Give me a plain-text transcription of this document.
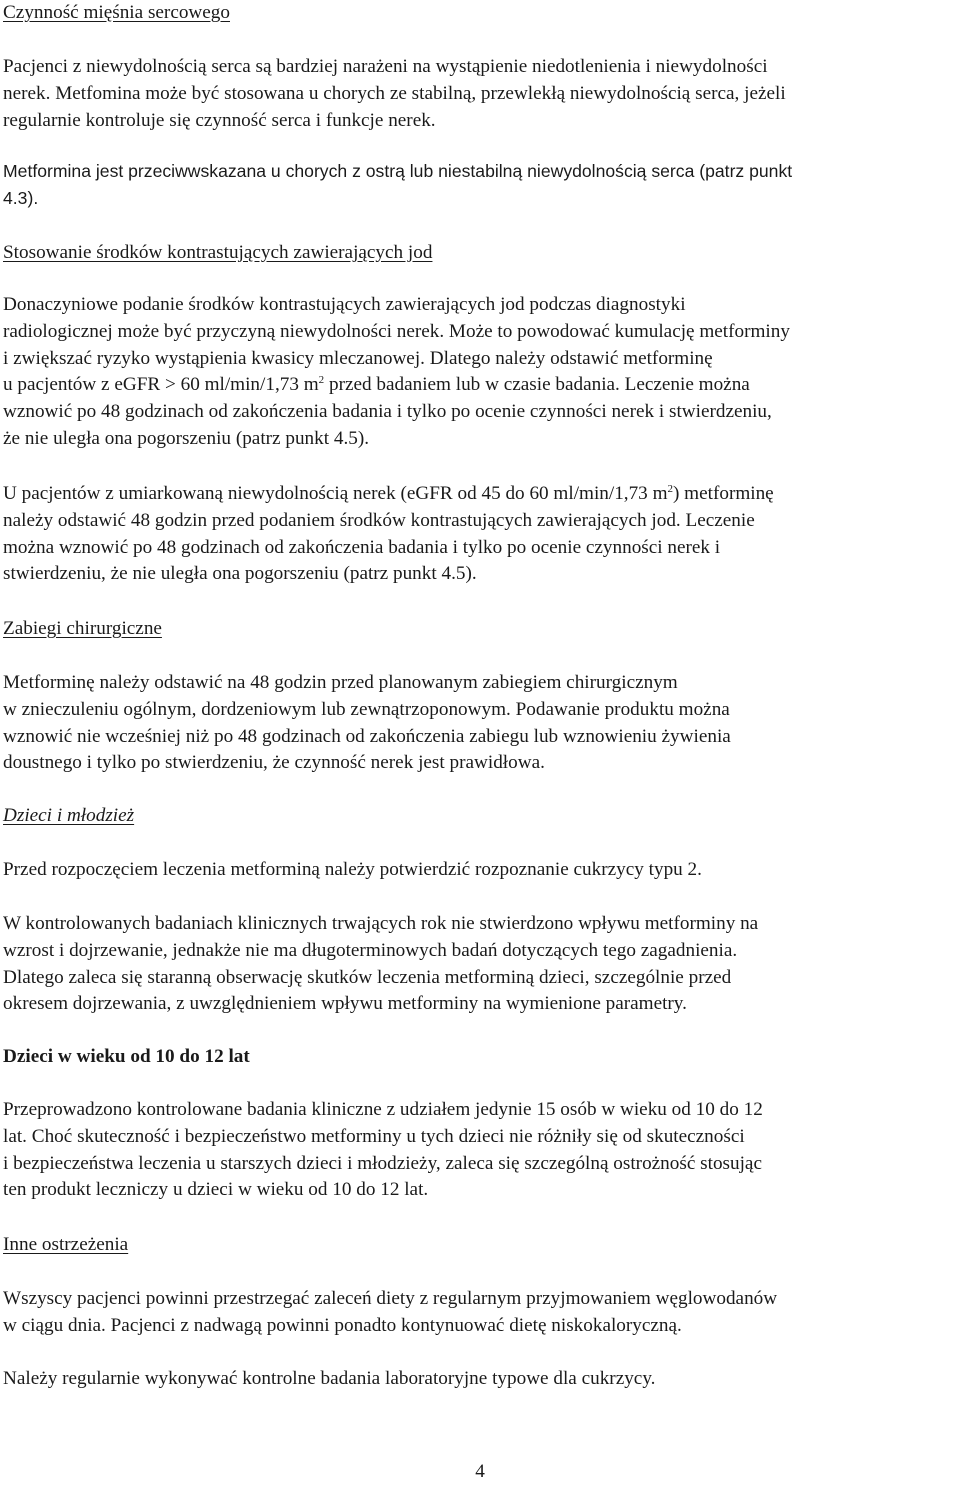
Czynność mięśnia sercowego

Pacjenci z niewydolnością serca są bardziej narażeni na wystąpienie niedotlenienia i niewydolności
nerek. Metfomina może być stosowana u chorych ze stabilną, przewlekłą niewydolnością serca, jeżeli
regularnie kontroluje się czynność serca i funkcje nerek.

Metformina jest przeciwwskazana u chorych z ostrą lub niestabilną niewydolnością serca (patrz punkt
4.3).

Stosowanie środków kontrastujących zawierających jod

Donaczyniowe podanie środków kontrastujących zawierających jod podczas diagnostyki
radiologicznej może być przyczyną niewydolności nerek. Może to powodować kumulację metforminy
i zwiększać ryzyko wystąpienia kwasicy mleczanowej. Dlatego należy odstawić metforminę
u pacjentów z eGFR > 60 ml/min/1,73 $m^2$ przed badaniem lub w czasie badania. Leczenie można
wznowić po 48 godzinach od zakończenia badania i tylko po ocenie czynności nerek i stwierdzeniu,
że nie uległa ona pogorszeniu (patrz punkt 4.5).

U pacjentów z umiarkowaną niewydolnością nerek (eGFR od 45 do 60 ml/min/1,73 $m^2$) metforminę
należy odstawić 48 godzin przed podaniem środków kontrastujących zawierających jod. Leczenie
można wznowić po 48 godzinach od zakończenia badania i tylko po ocenie czynności nerek i
stwierdzeniu, że nie uległa ona pogorszeniu (patrz punkt 4.5).

Zabiegi chirurgiczne

Metforminę należy odstawić na 48 godzin przed planowanym zabiegiem chirurgicznym
w znieczuleniu ogólnym, dordzeniowym lub zewnątrzoponowym. Podawanie produktu można
wznowić nie wcześniej niż po 48 godzinach od zakończenia zabiegu lub wznowieniu żywienia
doustnego i tylko po stwierdzeniu, że czynność nerek jest prawidłowa.

Dzieci i młodzież

Przed rozpoczęciem leczenia metforminą należy potwierdzić rozpoznanie cukrzycy typu 2.

W kontrolowanych badaniach klinicznych trwających rok nie stwierdzono wpływu metforminy na
wzrost i dojrzewanie, jednakże nie ma długoterminowych badań dotyczących tego zagadnienia.
Dlatego zaleca się staranną obserwację skutków leczenia metforminą dzieci, szczególnie przed
okresem dojrzewania, z uwzględnieniem wpływu metforminy na wymienione parametry.

Dzieci w wieku od 10 do 12 lat

Przeprowadzono kontrolowane badania kliniczne z udziałem jedynie 15 osób w wieku od 10 do 12
lat. Choć skuteczność i bezpieczeństwo metforminy u tych dzieci nie różniły się od skuteczności
i bezpieczeństwa leczenia u starszych dzieci i młodzieży, zaleca się szczególną ostrożność stosując
ten produkt leczniczy u dzieci w wieku od 10 do 12 lat.

Inne ostrzeżenia

Wszyscy pacjenci powinni przestrzegać zaleceń diety z regularnym przyjmowaniem węglowodanów
w ciągu dnia. Pacjenci z nadwagą powinni ponadto kontynuować dietę niskokaloryczną.

Należy regularnie wykonywać kontrolne badania laboratoryjne typowe dla cukrzycy.

4
